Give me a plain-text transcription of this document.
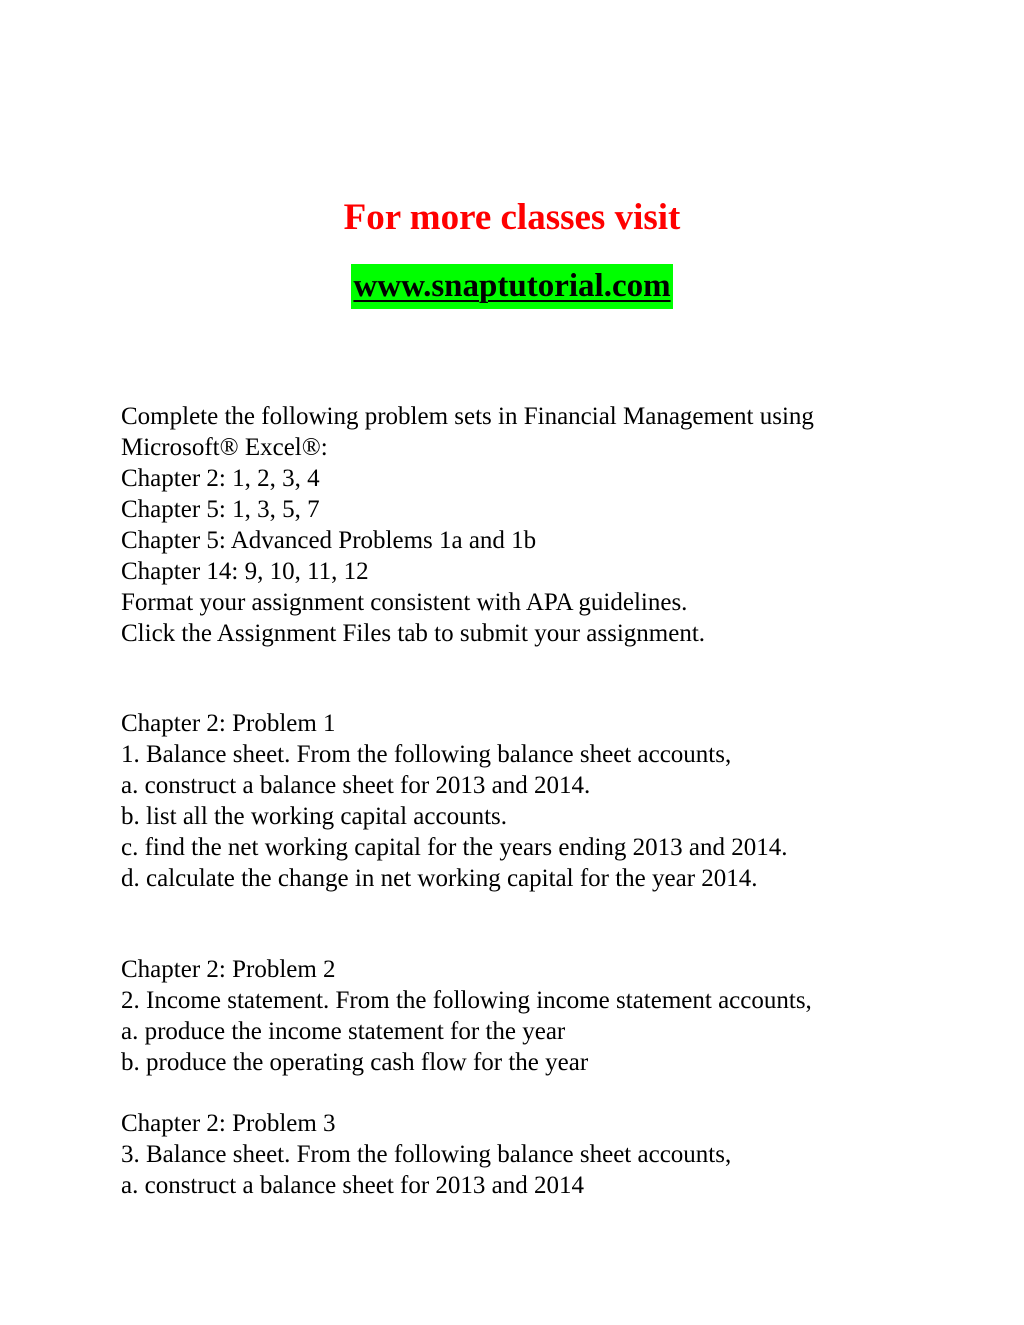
For more classes visit
www.snaptutorial.com

Complete the following problem sets in Financial Management using

Microsoft® Excel®:

Chapter 2: 1, 2, 3, 4

Chapter 5: 1, 3, 5, 7

Chapter 5: Advanced Problems 1a and 1b

Chapter 14: 9, 10, 11, 12

Format your assignment consistent with APA guidelines.

Click the Assignment Files tab to submit your assignment.

Chapter 2: Problem 1

1. Balance sheet. From the following balance sheet accounts,

a. construct a balance sheet for 2013 and 2014.

b. list all the working capital accounts.

c. find the net working capital for the years ending 2013 and 2014.

d. calculate the change in net working capital for the year 2014.

Chapter 2: Problem 2

2. Income statement. From the following income statement accounts,

a. produce the income statement for the year

b. produce the operating cash flow for the year

Chapter 2: Problem 3

3. Balance sheet. From the following balance sheet accounts,

a. construct a balance sheet for 2013 and 2014
